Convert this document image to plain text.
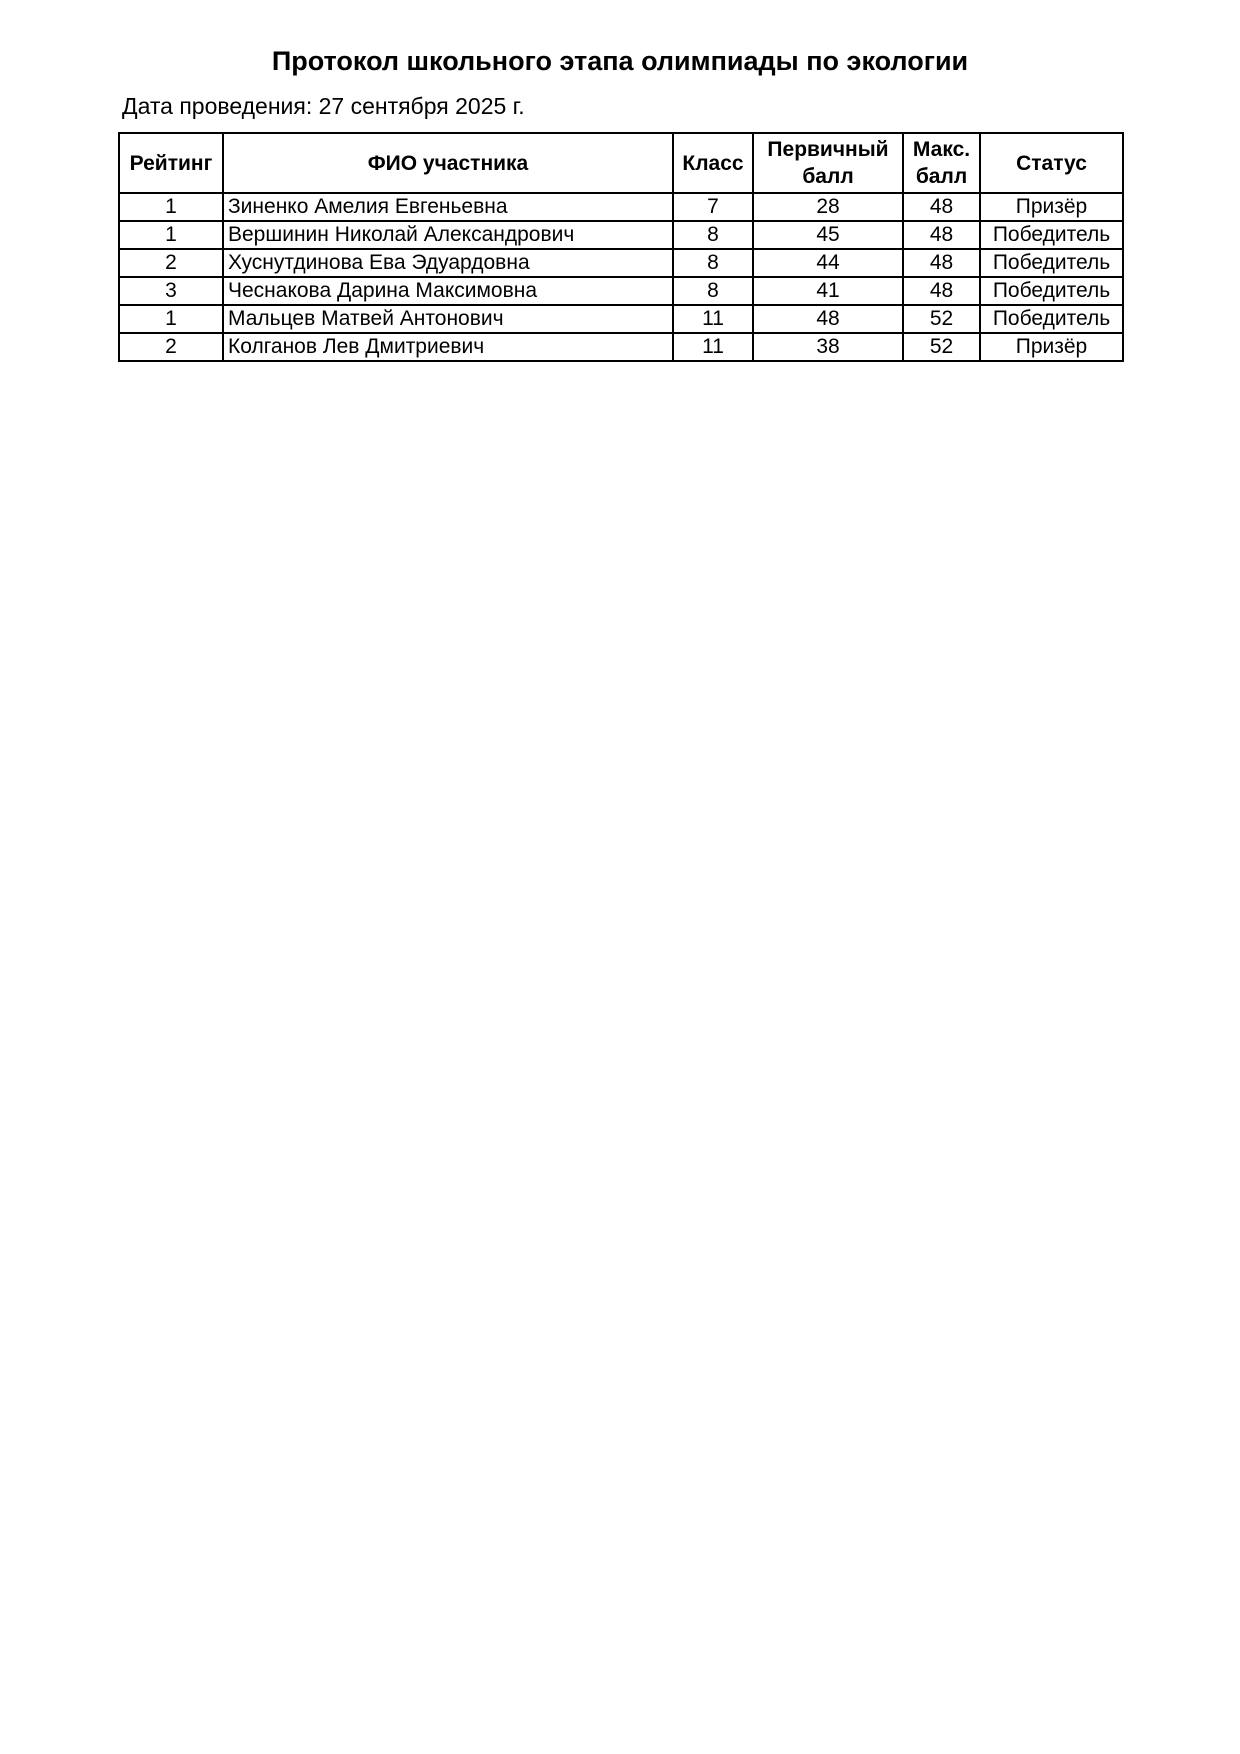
Протокол школьного этапа олимпиады по экологии
Дата проведения: 27 сентября 2025 г.
Рейтинг	ФИО участника	Класс	Первичный балл	Макс. балл	Статус
1	Зиненко Амелия Евгеньевна	7	28	48	Призёр
1	Вершинин Николай Александрович	8	45	48	Победитель
2	Хуснутдинова Ева Эдуардовна	8	44	48	Победитель
3	Чеснакова Дарина Максимовна	8	41	48	Победитель
1	Мальцев Матвей Антонович	11	48	52	Победитель
2	Колганов Лев Дмитриевич	11	38	52	Призёр
